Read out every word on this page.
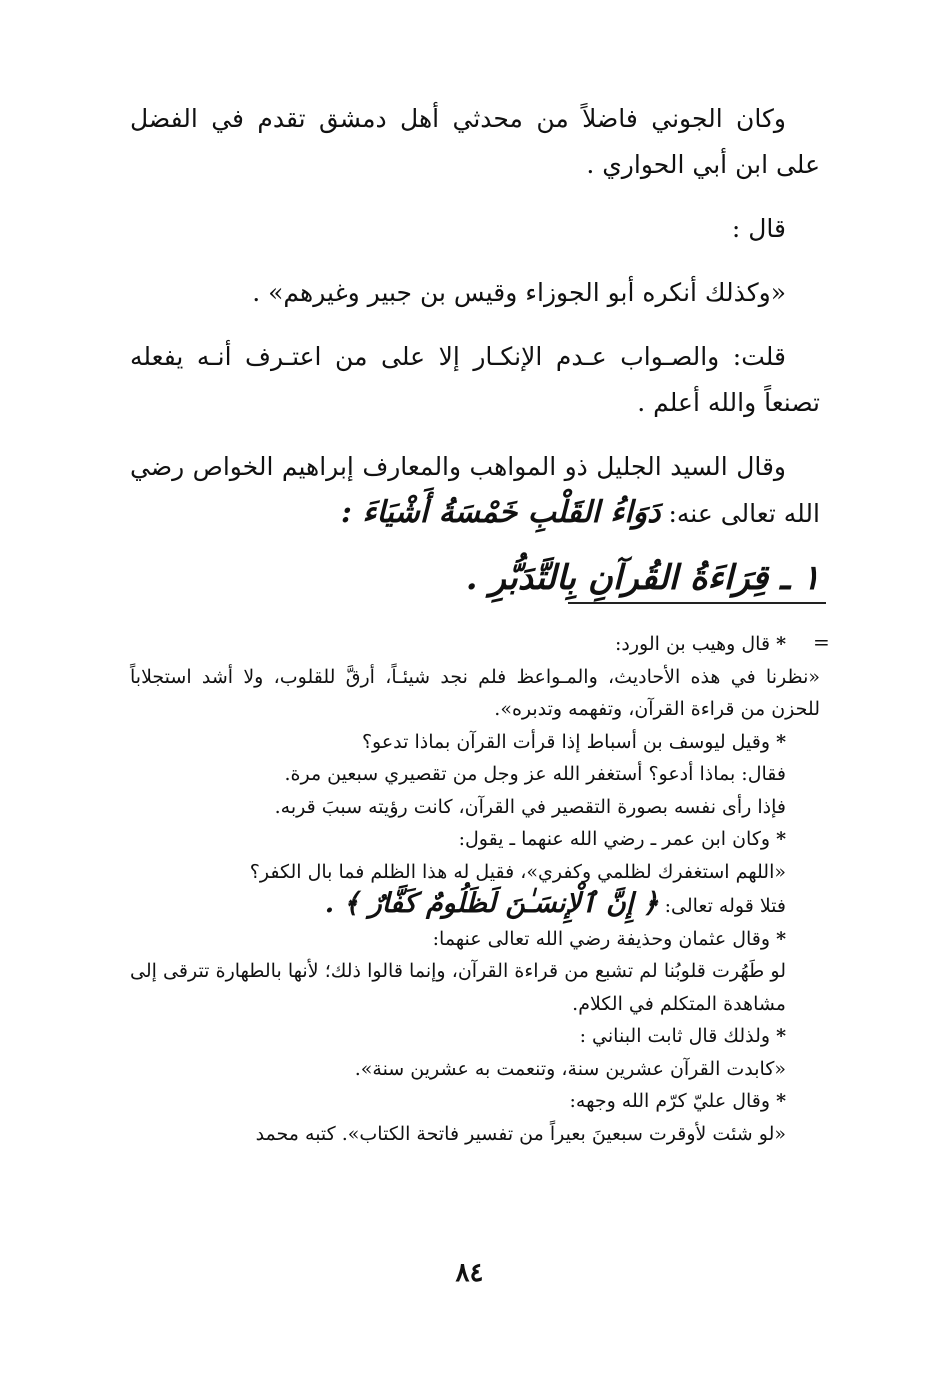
وكان الجوني فاضلاً من محدثي أهل دمشق تقدم في الفضل على ابن أبي الحواري .

قال :

«وكذلك أنكره أبو الجوزاء وقيس بن جبير وغيرهم» .

قلت: والصـواب عـدم الإنكـار إلا على من اعتـرف أنـه يفعله تصنعاً والله أعلم .

وقال السيد الجليل ذو المواهب والمعارف إبراهيم الخواص رضي الله تعالى عنه: دَوَاءُ القَلْبِ خَمْسَةُ أَشْيَاءَ :

١ ـ قِرَاءَةُ القُرآنِ بِالتَّدَبُّرِ .

=

*قال وهيب بن الورد:

«نظرنا في هذه الأحاديث، والمـواعظ فلم نجد شيئـاً، أرقَّ للقلوب، ولا أشد استجلاباً للحزن من قراءة القرآن، وتفهمه وتدبره».

*وقيل ليوسف بن أسباط إذا قرأت القرآن بماذا تدعو؟

فقال: بماذا أدعو؟ أستغفر الله عز وجل من تقصيري سبعين مرة.

فإذا رأى نفسه بصورة التقصير في القرآن، كانت رؤيته سببَ قربه.

*وكان ابن عمر ـ رضي الله عنهما ـ يقول:

«اللهم استغفرك لظلمي وكفري»، فقيل له هذا الظلم فما بال الكفر؟

فتلا قوله تعالى: ﴿ إِنَّ ٱلْإِنسَـٰنَ لَظَلُومٌ كَفَّارٌ ﴾ .

*وقال عثمان وحذيفة رضي الله تعالى عنهما:

لو طَهُرت قلوبُنا لم تشبع من قراءة القرآن، وإنما قالوا ذلك؛ لأنها بالطهارة تترقى إلى مشاهدة المتكلم في الكلام.

*ولذلك قال ثابت البناني :

«كابدت القرآن عشرين سنة، وتنعمت به عشرين سنة».

*وقال عليّ كرّم الله وجهه:

«لو شئت لأوقرت سبعينَ بعيراً من تفسير فاتحة الكتاب». كتبه محمد

٨٤
